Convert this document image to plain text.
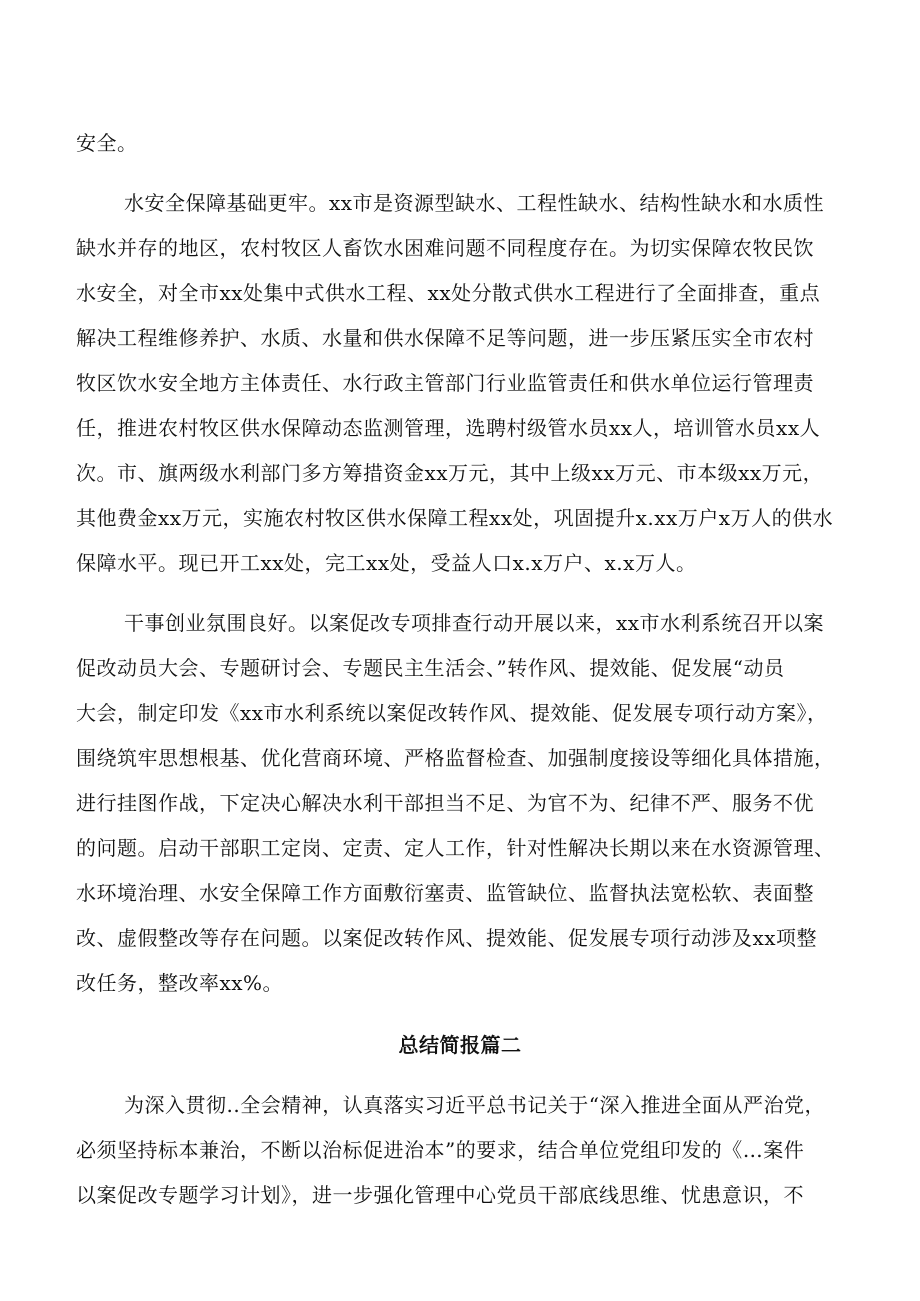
安全。
水安全保障基础更牢。xx市是资源型缺水、工程性缺水、结构性缺水和水质性
缺水并存的地区，农村牧区人畜饮水困难问题不同程度存在。为切实保障农牧民饮
水安全，对全市xx处集中式供水工程、xx处分散式供水工程进行了全面排查，重点
解决工程维修养护、水质、水量和供水保障不足等问题，进一步压紧压实全市农村
牧区饮水安全地方主体责任、水行政主管部门行业监管责任和供水单位运行管理责
任，推进农村牧区供水保障动态监测管理，选聘村级管水员xx人，培训管水员xx人
次。市、旗两级水利部门多方筹措资金xx万元，其中上级xx万元、市本级xx万元，
其他费金xx万元，实施农村牧区供水保障工程xx处，巩固提升x.xx万户x万人的供水
保障水平。现已开工xx处，完工xx处，受益人口x.x万户、x.x万人。
干事创业氛围良好。以案促改专项排查行动开展以来，xx市水利系统召开以案
促改动员大会、专题研讨会、专题民主生活会、”转作风、提效能、促发展“动员
大会，制定印发《xx市水利系统以案促改转作风、提效能、促发展专项行动方案》，
围绕筑牢思想根基、优化营商环境、严格监督检查、加强制度接设等细化具体措施，
进行挂图作战，下定决心解决水利干部担当不足、为官不为、纪律不严、服务不优
的问题。启动干部职工定岗、定责、定人工作，针对性解决长期以来在水资源管理、
水环境治理、水安全保障工作方面敷衍塞责、监管缺位、监督执法宽松软、表面整
改、虚假整改等存在问题。以案促改转作风、提效能、促发展专项行动涉及xx项整
改任务，整改率xx%。
总结简报篇二
为深入贯彻..全会精神，认真落实习近平总书记关于“深入推进全面从严治党，
必须坚持标本兼治，不断以治标促进治本”的要求，结合单位党组印发的《…案件
以案促改专题学习计划》，进一步强化管理中心党员干部底线思维、忧患意识，不
